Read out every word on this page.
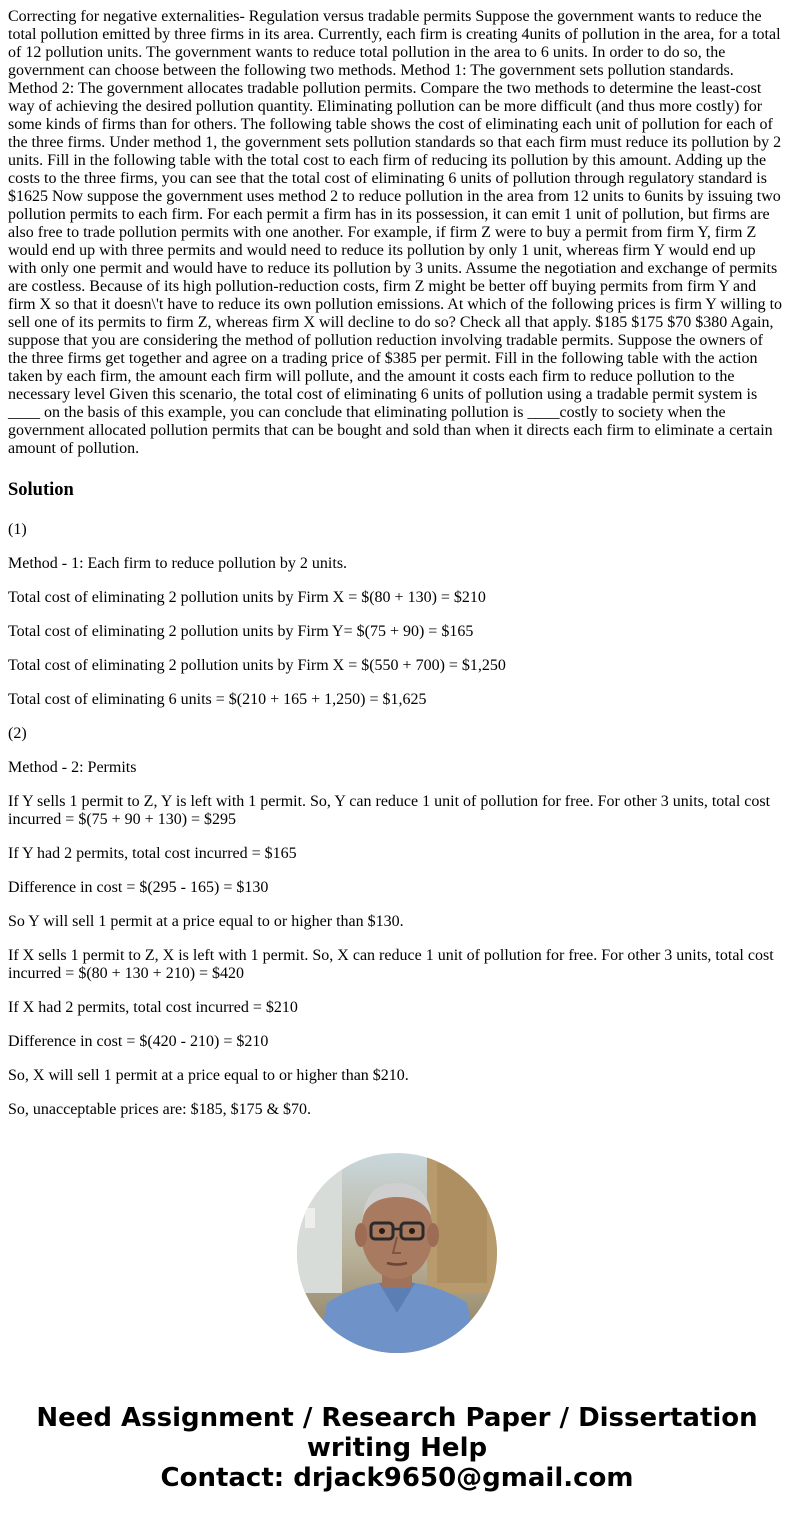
Correcting for negative externalities- Regulation versus tradable permits Suppose the government wants to reduce the total pollution emitted by three firms in its area. Currently, each firm is creating 4units of pollution in the area, for a total of 12 pollution units. The government wants to reduce total pollution in the area to 6 units. In order to do so, the government can choose between the following two methods. Method 1: The government sets pollution standards. Method 2: The government allocates tradable pollution permits. Compare the two methods to determine the least-cost way of achieving the desired pollution quantity. Eliminating pollution can be more difficult (and thus more costly) for some kinds of firms than for others. The following table shows the cost of eliminating each unit of pollution for each of the three firms. Under method 1, the government sets pollution standards so that each firm must reduce its pollution by 2 units. Fill in the following table with the total cost to each firm of reducing its pollution by this amount. Adding up the costs to the three firms, you can see that the total cost of eliminating 6 units of pollution through regulatory standard is $1625 Now suppose the government uses method 2 to reduce pollution in the area from 12 units to 6units by issuing two pollution permits to each firm. For each permit a firm has in its possession, it can emit 1 unit of pollution, but firms are also free to trade pollution permits with one another. For example, if firm Z were to buy a permit from firm Y, firm Z would end up with three permits and would need to reduce its pollution by only 1 unit, whereas firm Y would end up with only one permit and would have to reduce its pollution by 3 units. Assume the negotiation and exchange of permits are costless. Because of its high pollution-reduction costs, firm Z might be better off buying permits from firm Y and firm X so that it doesn\'t have to reduce its own pollution emissions. At which of the following prices is firm Y willing to sell one of its permits to firm Z, whereas firm X will decline to do so? Check all that apply. $185 $175 $70 $380 Again, suppose that you are considering the method of pollution reduction involving tradable permits. Suppose the owners of the three firms get together and agree on a trading price of $385 per permit. Fill in the following table with the action taken by each firm, the amount each firm will pollute, and the amount it costs each firm to reduce pollution to the necessary level Given this scenario, the total cost of eliminating 6 units of pollution using a tradable permit system is ____ on the basis of this example, you can conclude that eliminating pollution is ____costly to society when the government allocated pollution permits that can be bought and sold than when it directs each firm to eliminate a certain amount of pollution.

Solution

(1)

Method - 1: Each firm to reduce pollution by 2 units.

Total cost of eliminating 2 pollution units by Firm X = $(80 + 130) = $210

Total cost of eliminating 2 pollution units by Firm Y= $(75 + 90) = $165

Total cost of eliminating 2 pollution units by Firm X = $(550 + 700) = $1,250

Total cost of eliminating 6 units = $(210 + 165 + 1,250) = $1,625

(2)

Method - 2: Permits

If Y sells 1 permit to Z, Y is left with 1 permit. So, Y can reduce 1 unit of pollution for free. For other 3 units, total cost incurred = $(75 + 90 + 130) = $295

If Y had 2 permits, total cost incurred = $165

Difference in cost = $(295 - 165) = $130

So Y will sell 1 permit at a price equal to or higher than $130.

If X sells 1 permit to Z, X is left with 1 permit. So, X can reduce 1 unit of pollution for free. For other 3 units, total cost incurred = $(80 + 130 + 210) = $420

If X had 2 permits, total cost incurred = $210

Difference in cost = $(420 - 210) = $210

So, X will sell 1 permit at a price equal to or higher than $210.

So, unacceptable prices are: $185, $175 & $70.

Need Assignment / Research Paper / Dissertation
writing Help
Contact: drjack9650@gmail.com
